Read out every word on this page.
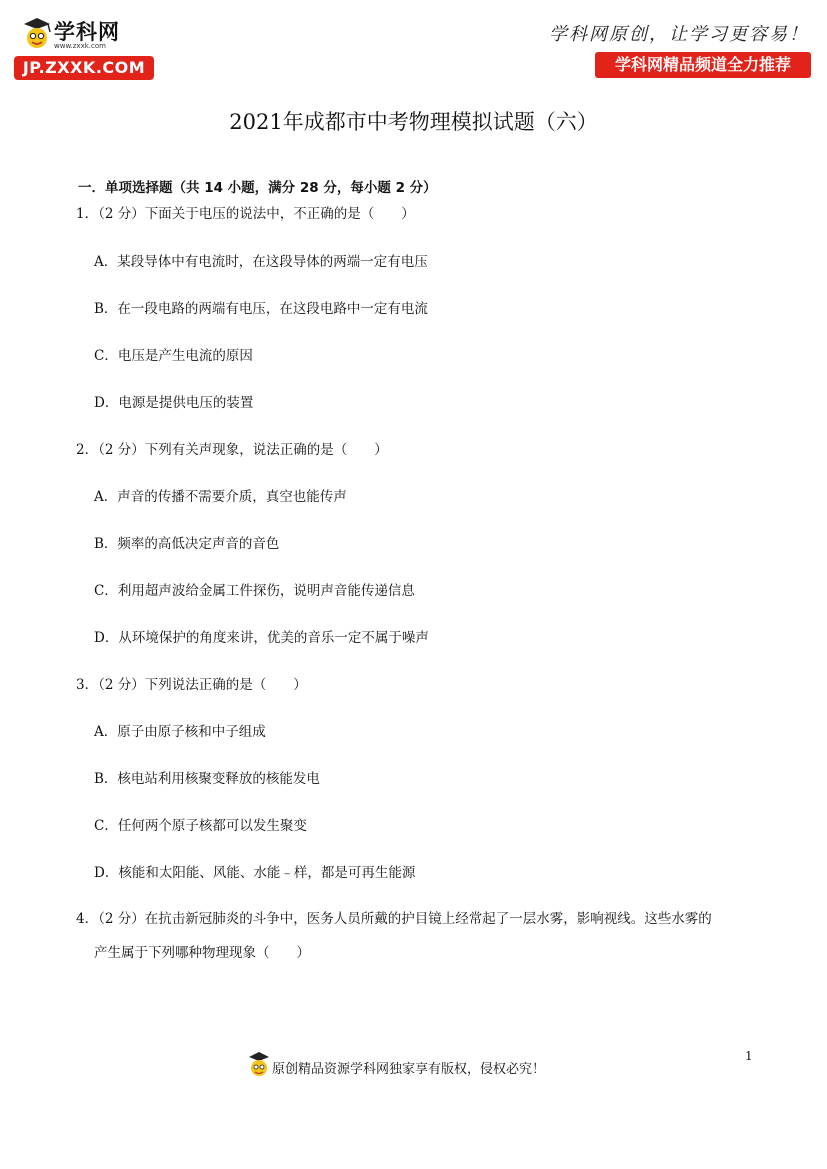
学科网
www.zxxk.com
JP.ZXXK.COM
学科网原创，让学习更容易！
学科网精品频道全力推荐
2021年成都市中考物理模拟试题（六）
一．单项选择题（共 14 小题，满分 28 分，每小题 2 分）
1．（2 分）下面关于电压的说法中，不正确的是（　　）
A．某段导体中有电流时，在这段导体的两端一定有电压
B．在一段电路的两端有电压，在这段电路中一定有电流
C．电压是产生电流的原因
D．电源是提供电压的装置
2．（2 分）下列有关声现象，说法正确的是（　　）
A．声音的传播不需要介质，真空也能传声
B．频率的高低决定声音的音色
C．利用超声波给金属工件探伤，说明声音能传递信息
D．从环境保护的角度来讲，优美的音乐一定不属于噪声
3．（2 分）下列说法正确的是（　　）
A．原子由原子核和中子组成
B．核电站利用核聚变释放的核能发电
C．任何两个原子核都可以发生聚变
D．核能和太阳能、风能、水能﹣样，都是可再生能源
4．（2 分）在抗击新冠肺炎的斗争中，医务人员所戴的护目镜上经常起了一层水雾，影响视线。这些水雾的
产生属于下列哪种物理现象（　　）
1
原创精品资源学科网独家享有版权，侵权必究！
